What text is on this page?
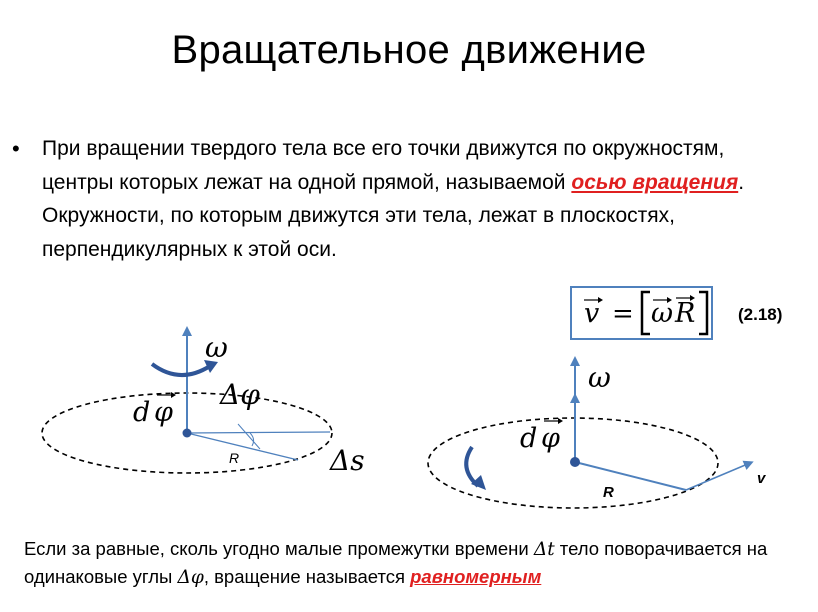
Вращательное движение
• При вращении твердого тела все его точки движутся по окружностям, центры которых лежат на одной прямой, называемой осью вращения. Окружности, по которым движутся эти тела, лежат в плоскостях, перпендикулярных к этой оси.
v = ω R	(2.18)
ω
d φ
Δφ
R	Δs
ω
d φ
R
v
Если за равные, сколь угодно малые промежутки времени Δt тело поворачивается на одинаковые углы Δφ, вращение называется равномерным
